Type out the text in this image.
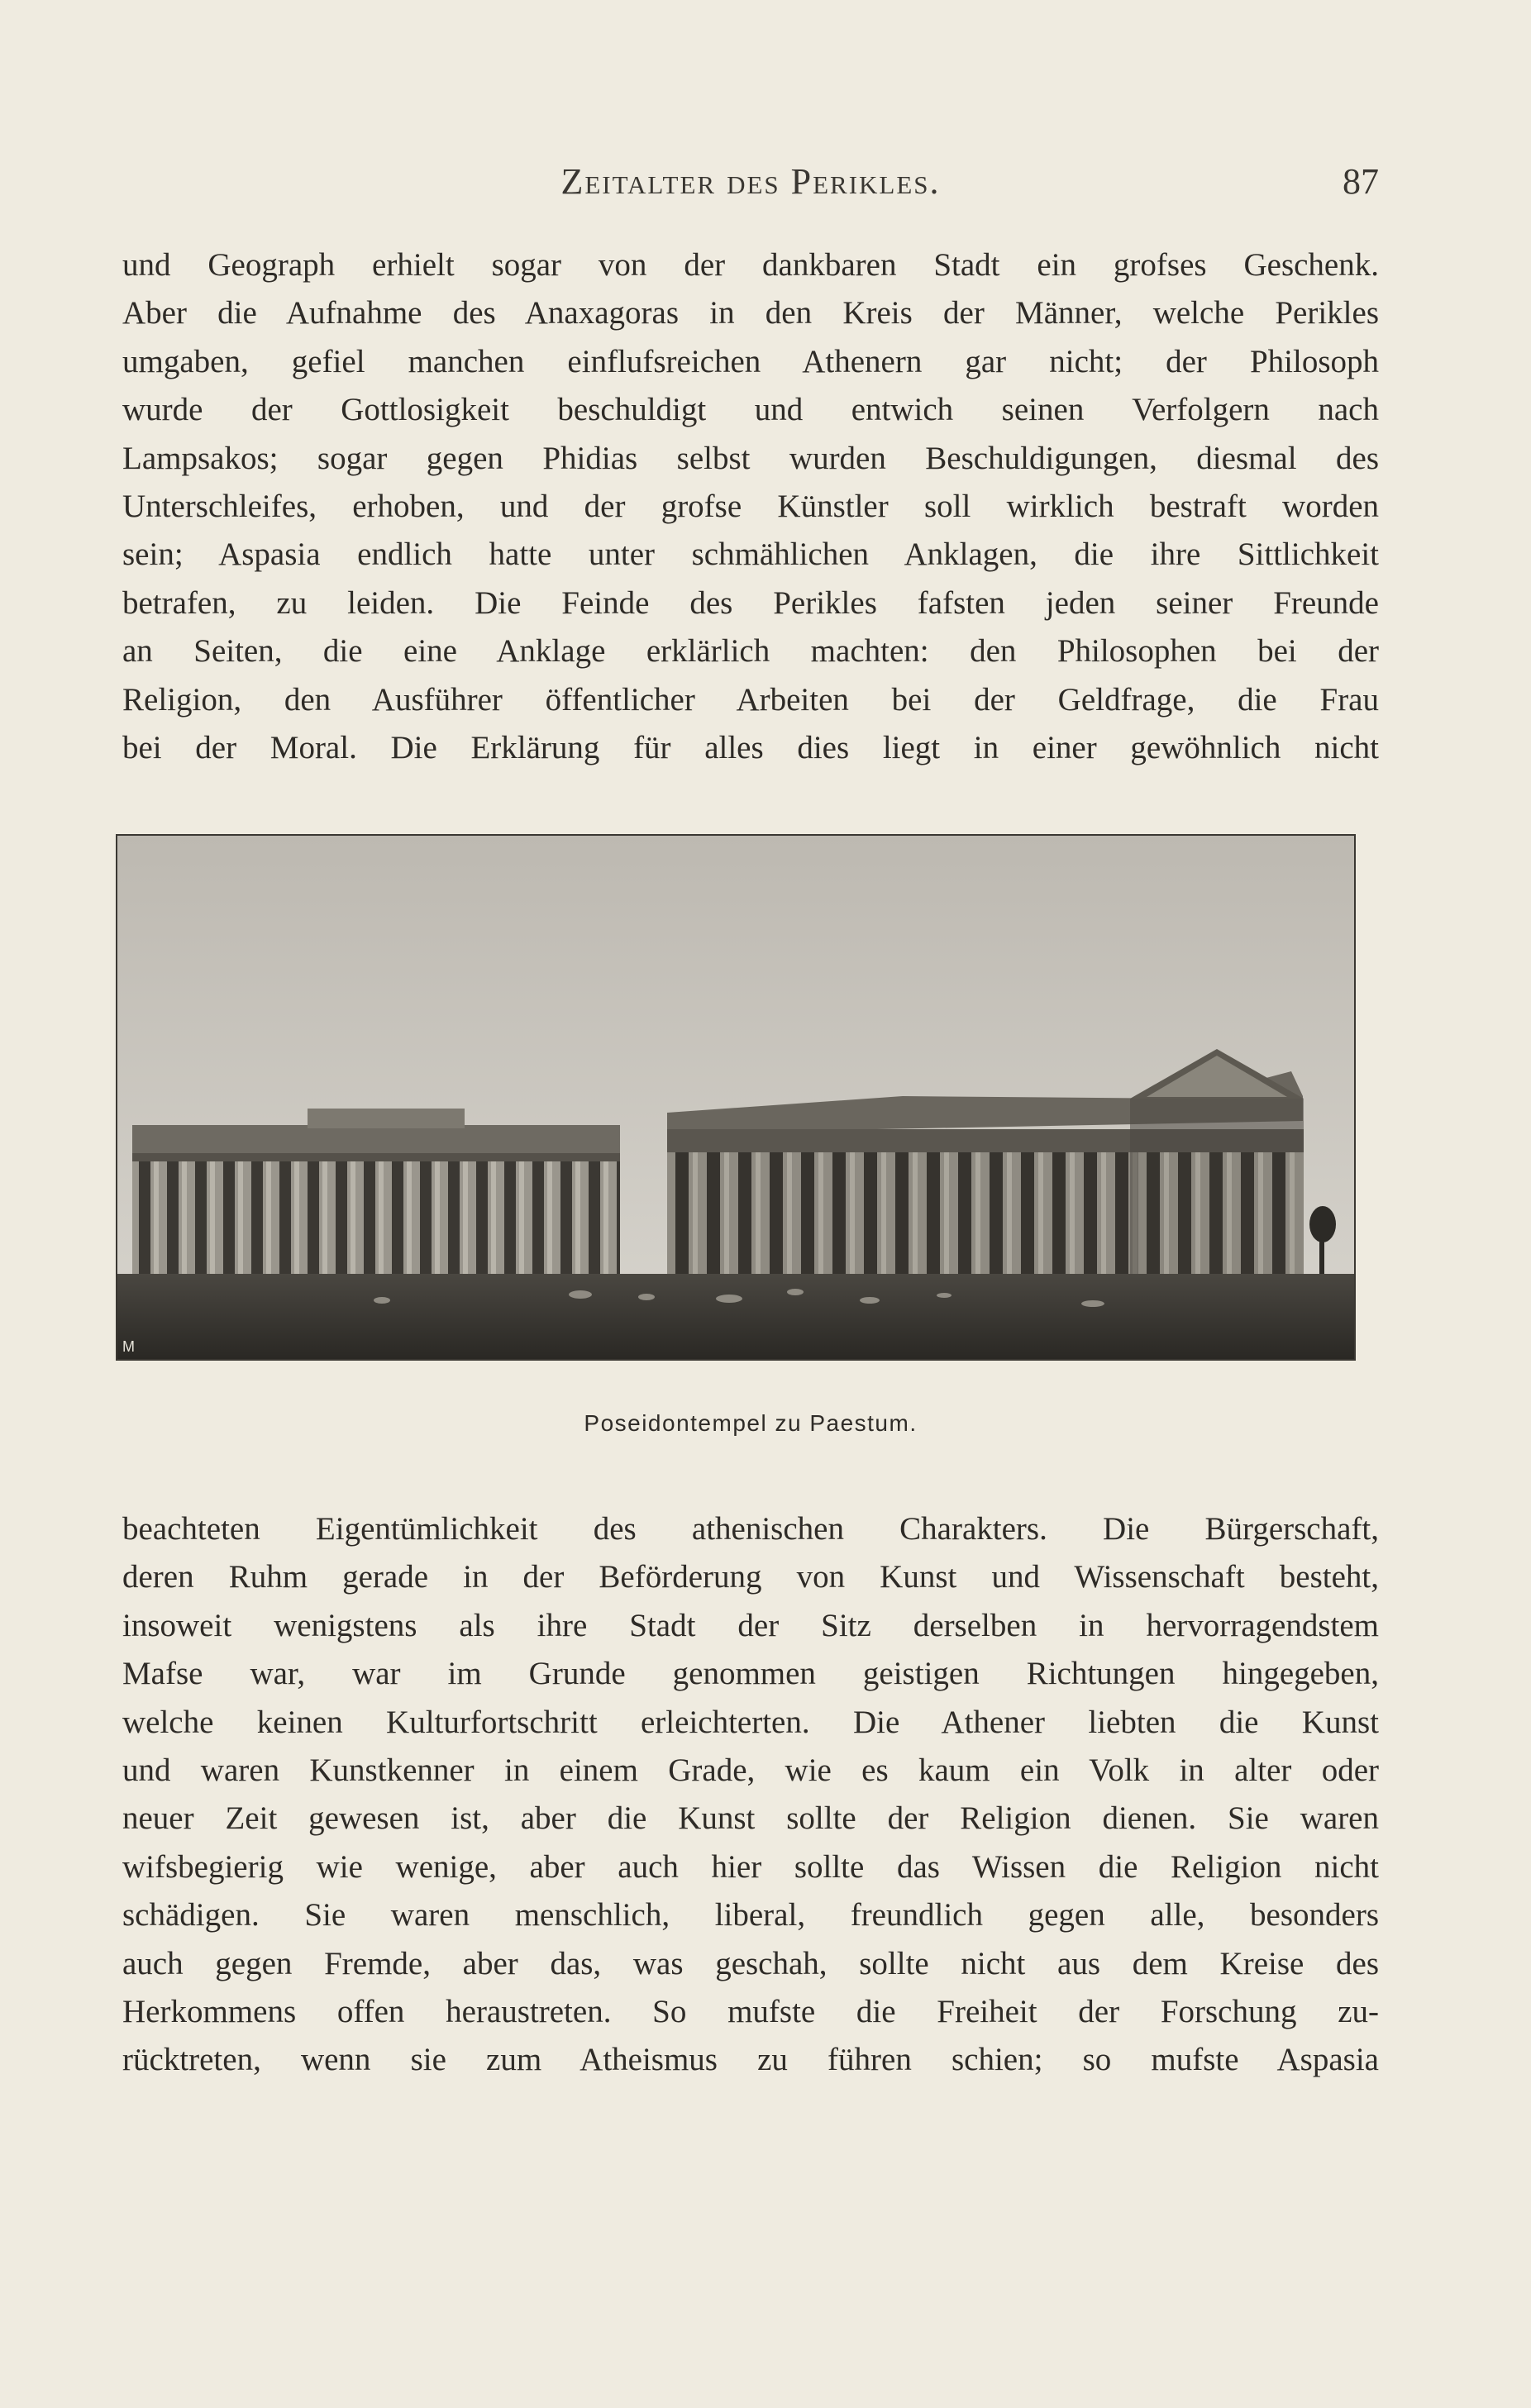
Zeitalter des Perikles.	87
und Geograph erhielt sogar von der dankbaren Stadt ein grofses Geschenk.
Aber die Aufnahme des Anaxagoras in den Kreis der Männer, welche Perikles
umgaben, gefiel manchen einflufsreichen Athenern gar nicht; der Philosoph
wurde der Gottlosigkeit beschuldigt und entwich seinen Verfolgern nach
Lampsakos; sogar gegen Phidias selbst wurden Beschuldigungen, diesmal des
Unterschleifes, erhoben, und der grofse Künstler soll wirklich bestraft worden
sein; Aspasia endlich hatte unter schmählichen Anklagen, die ihre Sittlichkeit
betrafen, zu leiden. Die Feinde des Perikles fafsten jeden seiner Freunde
an Seiten, die eine Anklage erklärlich machten: den Philosophen bei der
Religion, den Ausführer öffentlicher Arbeiten bei der Geldfrage, die Frau
bei der Moral. Die Erklärung für alles dies liegt in einer gewöhnlich nicht
M
Poseidontempel zu Paestum.
beachteten Eigentümlichkeit des athenischen Charakters. Die Bürgerschaft,
deren Ruhm gerade in der Beförderung von Kunst und Wissenschaft besteht,
insoweit wenigstens als ihre Stadt der Sitz derselben in hervorragendstem
Mafse war, war im Grunde genommen geistigen Richtungen hingegeben,
welche keinen Kulturfortschritt erleichterten. Die Athener liebten die Kunst
und waren Kunstkenner in einem Grade, wie es kaum ein Volk in alter oder
neuer Zeit gewesen ist, aber die Kunst sollte der Religion dienen. Sie waren
wifsbegierig wie wenige, aber auch hier sollte das Wissen die Religion nicht
schädigen. Sie waren menschlich, liberal, freundlich gegen alle, besonders
auch gegen Fremde, aber das, was geschah, sollte nicht aus dem Kreise des
Herkommens offen heraustreten. So mufste die Freiheit der Forschung zu-
rücktreten, wenn sie zum Atheismus zu führen schien; so mufste Aspasia
